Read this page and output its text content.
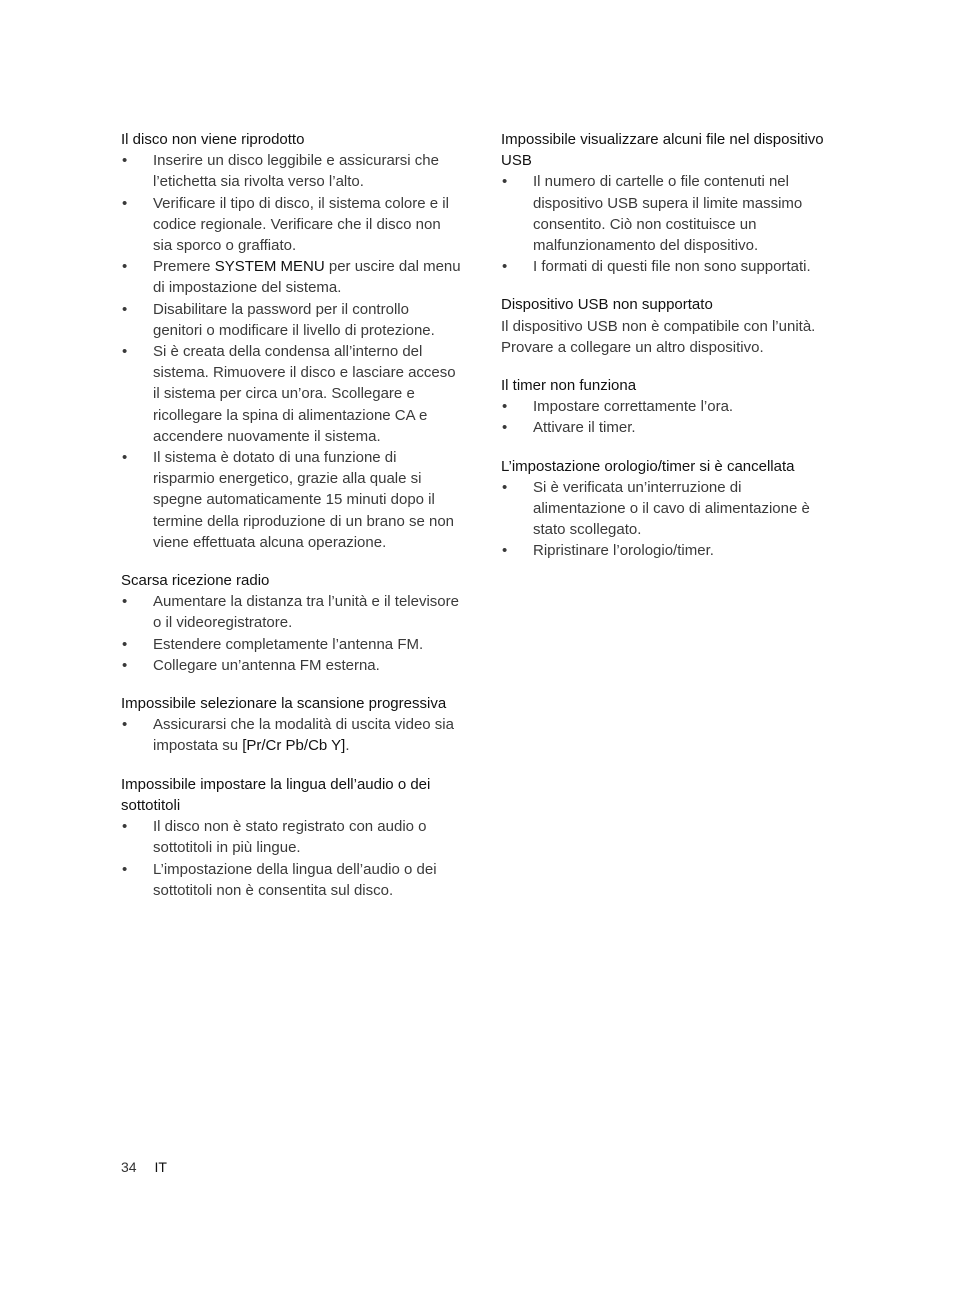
Il disco non viene riprodotto

• Inserire un disco leggibile e assicurarsi che l’etichetta sia rivolta verso l’alto.
• Verificare il tipo di disco, il sistema colore e il codice regionale. Verificare che il disco non sia sporco o graffiato.
• Premere SYSTEM MENU per uscire dal menu di impostazione del sistema.
• Disabilitare la password per il controllo genitori o modificare il livello di protezione.
• Si è creata della condensa all’interno del sistema. Rimuovere il disco e lasciare acceso il sistema per circa un’ora. Scollegare e ricollegare la spina di alimentazione CA e accendere nuovamente il sistema.
• Il sistema è dotato di una funzione di risparmio energetico, grazie alla quale si spegne automaticamente 15 minuti dopo il termine della riproduzione di un brano se non viene effettuata alcuna operazione.

Scarsa ricezione radio

• Aumentare la distanza tra l’unità e il televisore o il videoregistratore.
• Estendere completamente l’antenna FM.
• Collegare un’antenna FM esterna.

Impossibile selezionare la scansione progressiva

• Assicurarsi che la modalità di uscita video sia impostata su [Pr/Cr Pb/Cb Y].

Impossibile impostare la lingua dell’audio o dei sottotitoli

• Il disco non è stato registrato con audio o sottotitoli in più lingue.
• L’impostazione della lingua dell’audio o dei sottotitoli non è consentita sul disco.

Impossibile visualizzare alcuni file nel dispositivo USB

• Il numero di cartelle o file contenuti nel dispositivo USB supera il limite massimo consentito. Ciò non costituisce un malfunzionamento del dispositivo.
• I formati di questi file non sono supportati.

Dispositivo USB non supportato

Il dispositivo USB non è compatibile con l’unità. Provare a collegare un altro dispositivo.

Il timer non funziona

• Impostare correttamente l’ora.
• Attivare il timer.

L’impostazione orologio/timer si è cancellata

• Si è verificata un’interruzione di alimentazione o il cavo di alimentazione è stato scollegato.
• Ripristinare l’orologio/timer.
34 IT
